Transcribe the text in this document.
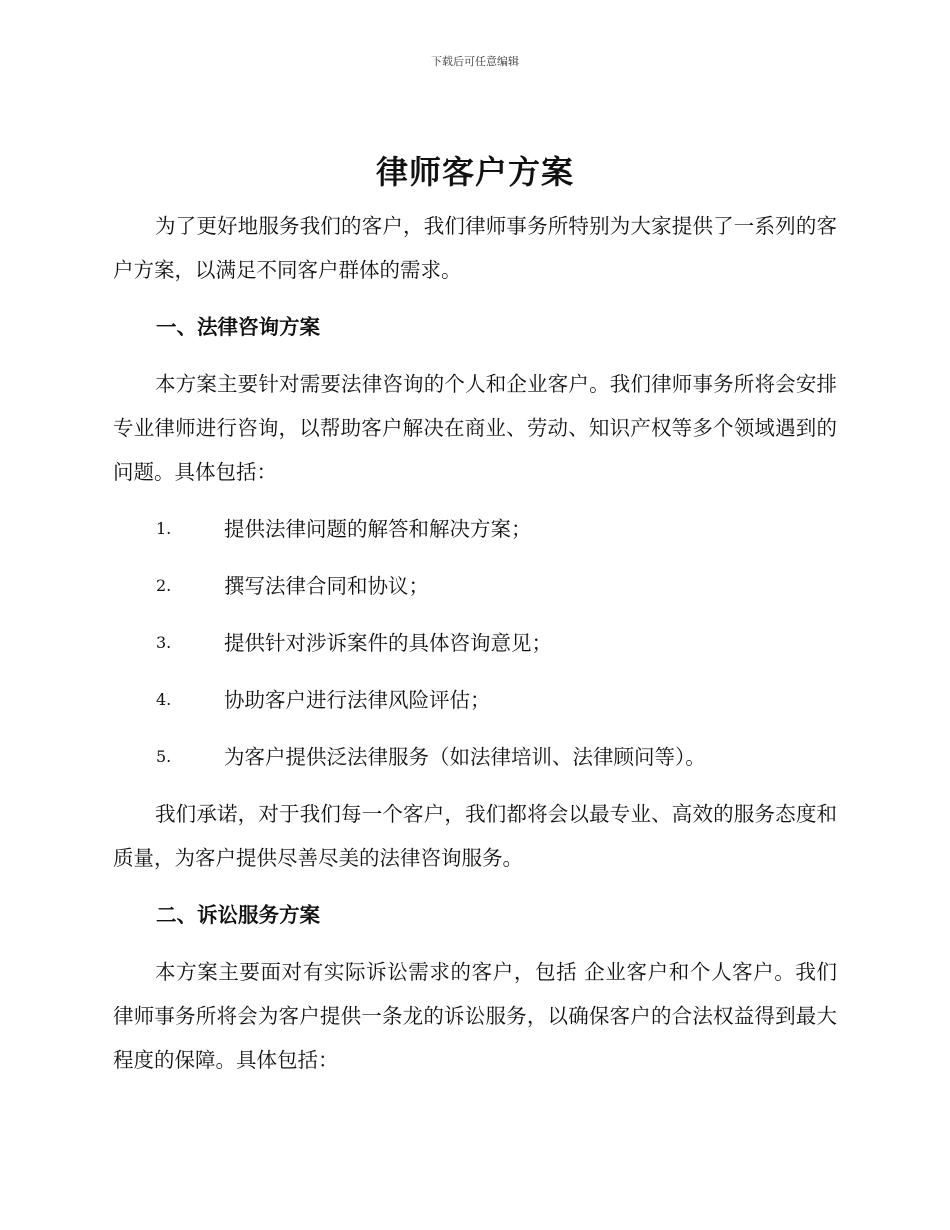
下载后可任意编辑
律师客户方案

为了更好地服务我们的客户，我们律师事务所特别为大家提供了一系列的客户方案，以满足不同客户群体的需求。

一、法律咨询方案

本方案主要针对需要法律咨询的个人和企业客户。我们律师事务所将会安排专业律师进行咨询，以帮助客户解决在商业、劳动、知识产权等多个领域遇到的问题。具体包括：

1.	提供法律问题的解答和解决方案；
2.	撰写法律合同和协议；
3.	提供针对涉诉案件的具体咨询意见；
4.	协助客户进行法律风险评估；
5.	为客户提供泛法律服务（如法律培训、法律顾问等）。

我们承诺，对于我们每一个客户，我们都将会以最专业、高效的服务态度和质量，为客户提供尽善尽美的法律咨询服务。

二、诉讼服务方案

本方案主要面对有实际诉讼需求的客户，包括 企业客户和个人客户。我们律师事务所将会为客户提供一条龙的诉讼服务，以确保客户的合法权益得到最大程度的保障。具体包括：
